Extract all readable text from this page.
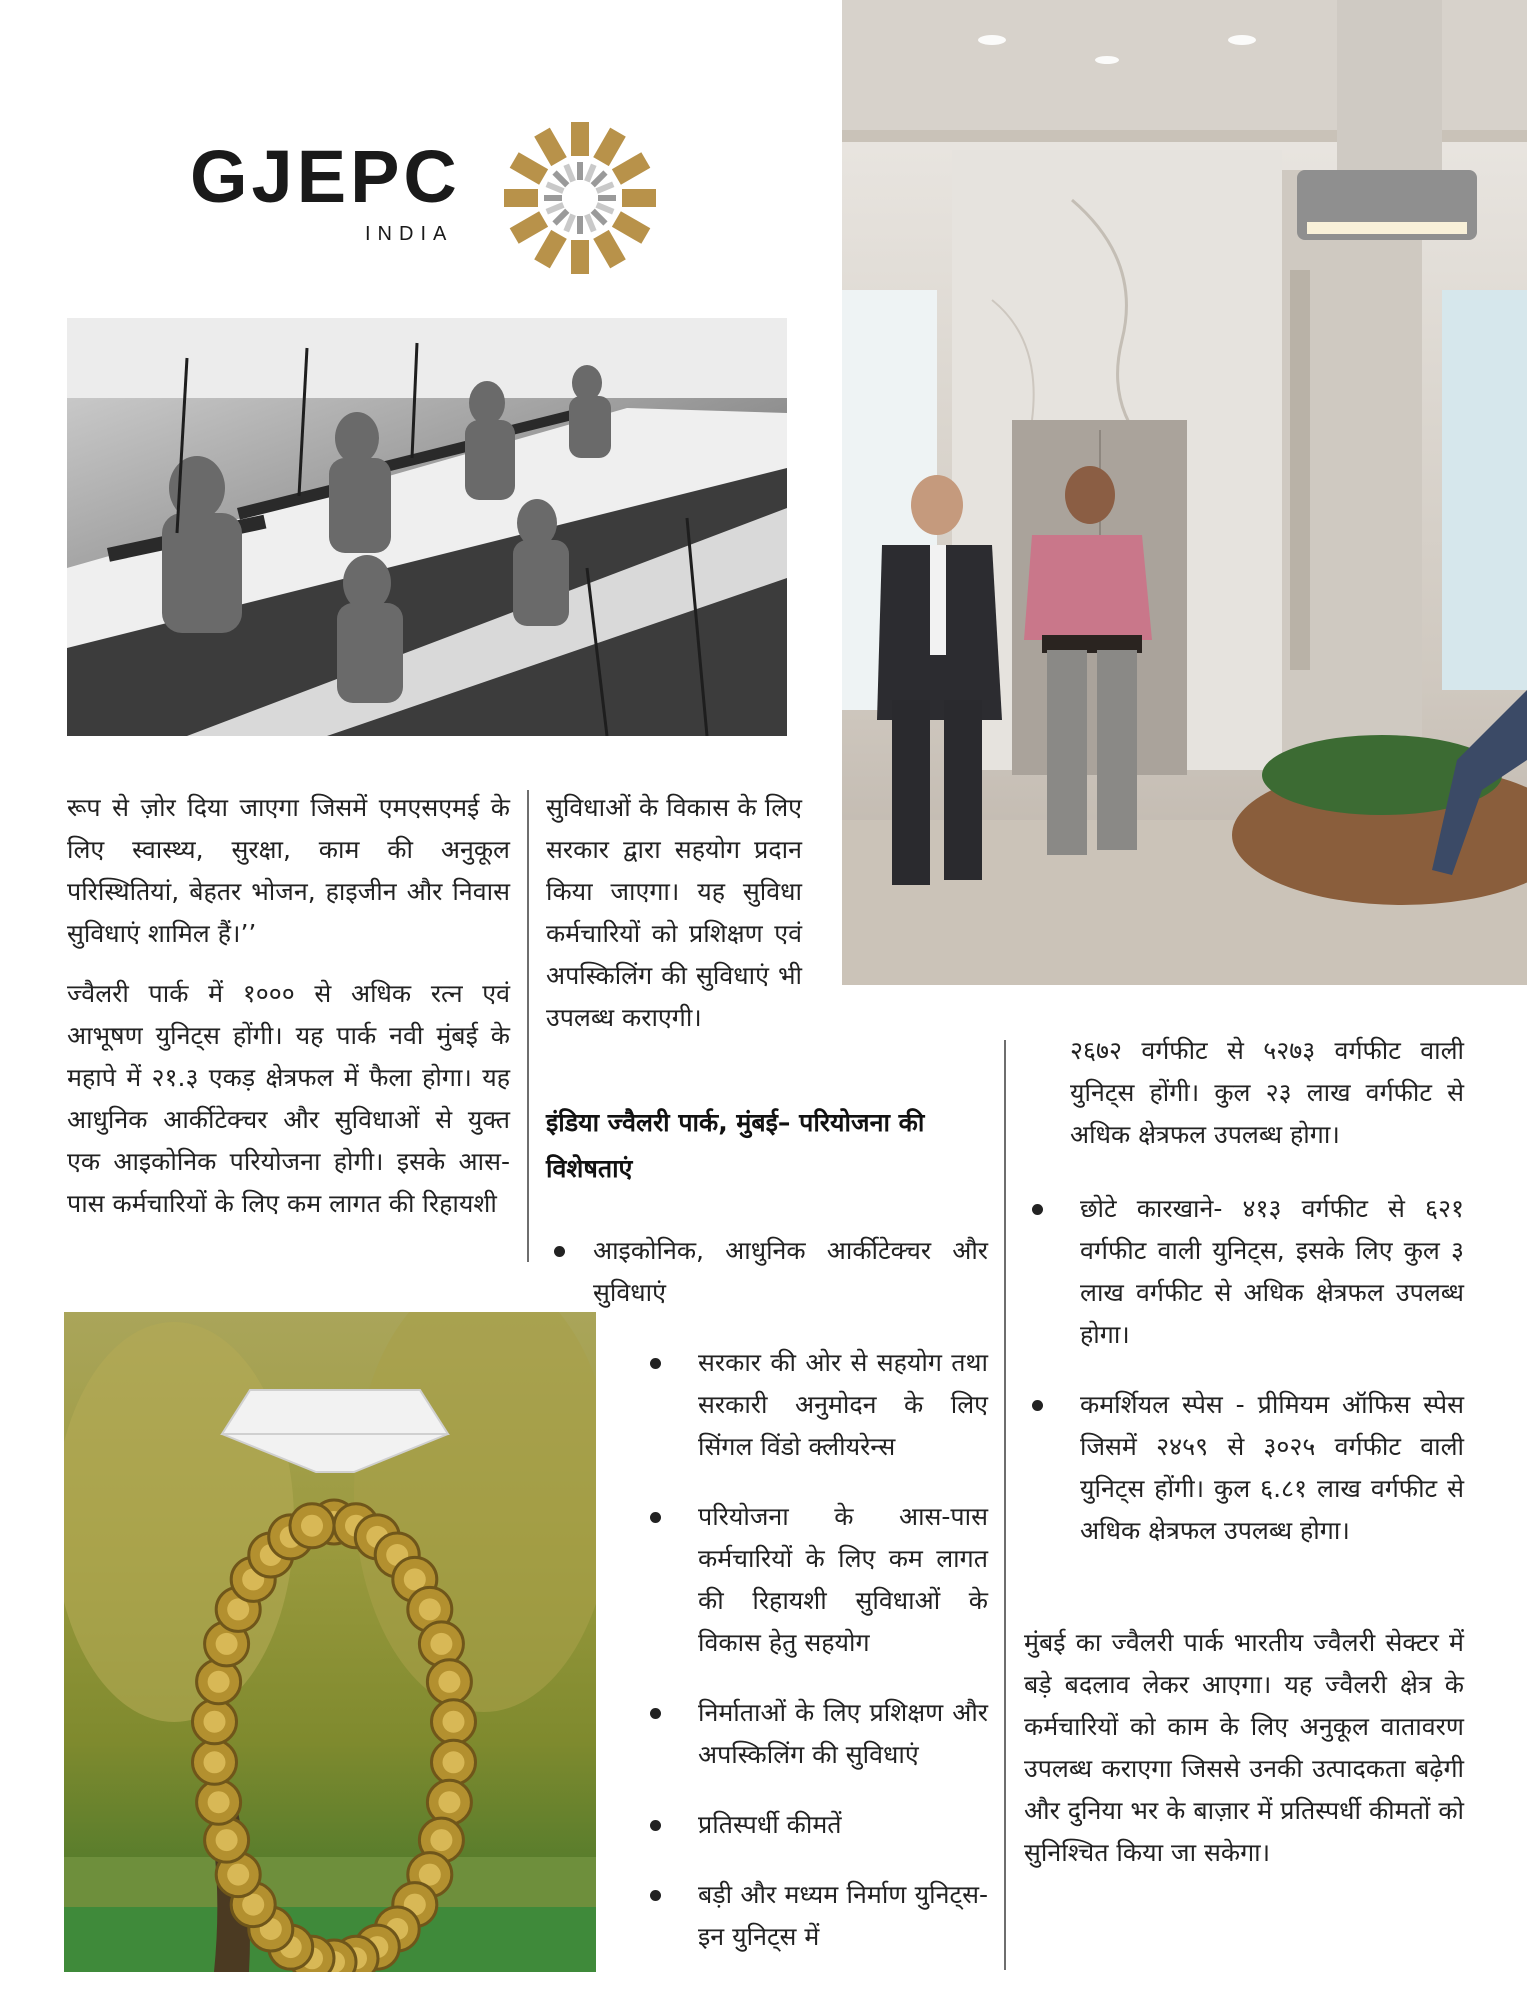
GJEPC
INDIA

रूप से ज़ोर दिया जाएगा जिसमें एमएसएमई के लिए स्वास्थ्य, सुरक्षा, काम की अनुकूल परिस्थितियां, बेहतर भोजन, हाइजीन और निवास सुविधाएं शामिल हैं।’’

ज्वैलरी पार्क में १००० से अधिक रत्न एवं आभूषण युनिट्स होंगी। यह पार्क नवी मुंबई के महापे में २१.३ एकड़ क्षेत्रफल में फैला होगा। यह आधुनिक आर्कीटेक्चर और सुविधाओं से युक्त एक आइकोनिक परियोजना होगी। इसके आस-पास कर्मचारियों के लिए कम लागत की रिहायशी

सुविधाओं के विकास के लिए सरकार द्वारा सहयोग प्रदान किया जाएगा। यह सुविधा कर्मचारियों को प्रशिक्षण एवं अपस्किलिंग की सुविधाएं भी उपलब्ध कराएगी।

इंडिया ज्वैलरी पार्क, मुंबई– परियोजना की विशेषताएं
आइकोनिक, आधुनिक आर्कीटेक्चर और सुविधाएं
सरकार की ओर से सहयोग तथा सरकारी अनुमोदन के लिए सिंगल विंडो क्लीयरेन्स
परियोजना के आस-पास कर्मचारियों के लिए कम लागत की रिहायशी सुविधाओं के विकास हेतु सहयोग
निर्माताओं के लिए प्रशिक्षण और अपस्किलिंग की सुविधाएं
प्रतिस्पर्धी कीमतें
बड़ी और मध्यम निर्माण युनिट्स- इन युनिट्स में

२६७२ वर्गफीट से ५२७३ वर्गफीट वाली युनिट्स होंगी। कुल २३ लाख वर्गफीट से अधिक क्षेत्रफल उपलब्ध होगा।

छोटे कारखाने- ४१३ वर्गफीट से ६२१ वर्गफीट वाली युनिट्स, इसके लिए कुल ३ लाख वर्गफीट से अधिक क्षेत्रफल उपलब्ध होगा।
कमर्शियल स्पेस - प्रीमियम ऑफिस स्पेस जिसमें २४५९ से ३०२५ वर्गफीट वाली युनिट्स होंगी। कुल ६.८१ लाख वर्गफीट से अधिक क्षेत्रफल उपलब्ध होगा।

मुंबई का ज्वैलरी पार्क भारतीय ज्वैलरी सेक्टर में बड़े बदलाव लेकर आएगा। यह ज्वैलरी क्षेत्र के कर्मचारियों को काम के लिए अनुकूल वातावरण उपलब्ध कराएगा जिससे उनकी उत्पादकता बढ़ेगी और दुनिया भर के बाज़ार में प्रतिस्पर्धी कीमतों को सुनिश्चित किया जा सकेगा।
